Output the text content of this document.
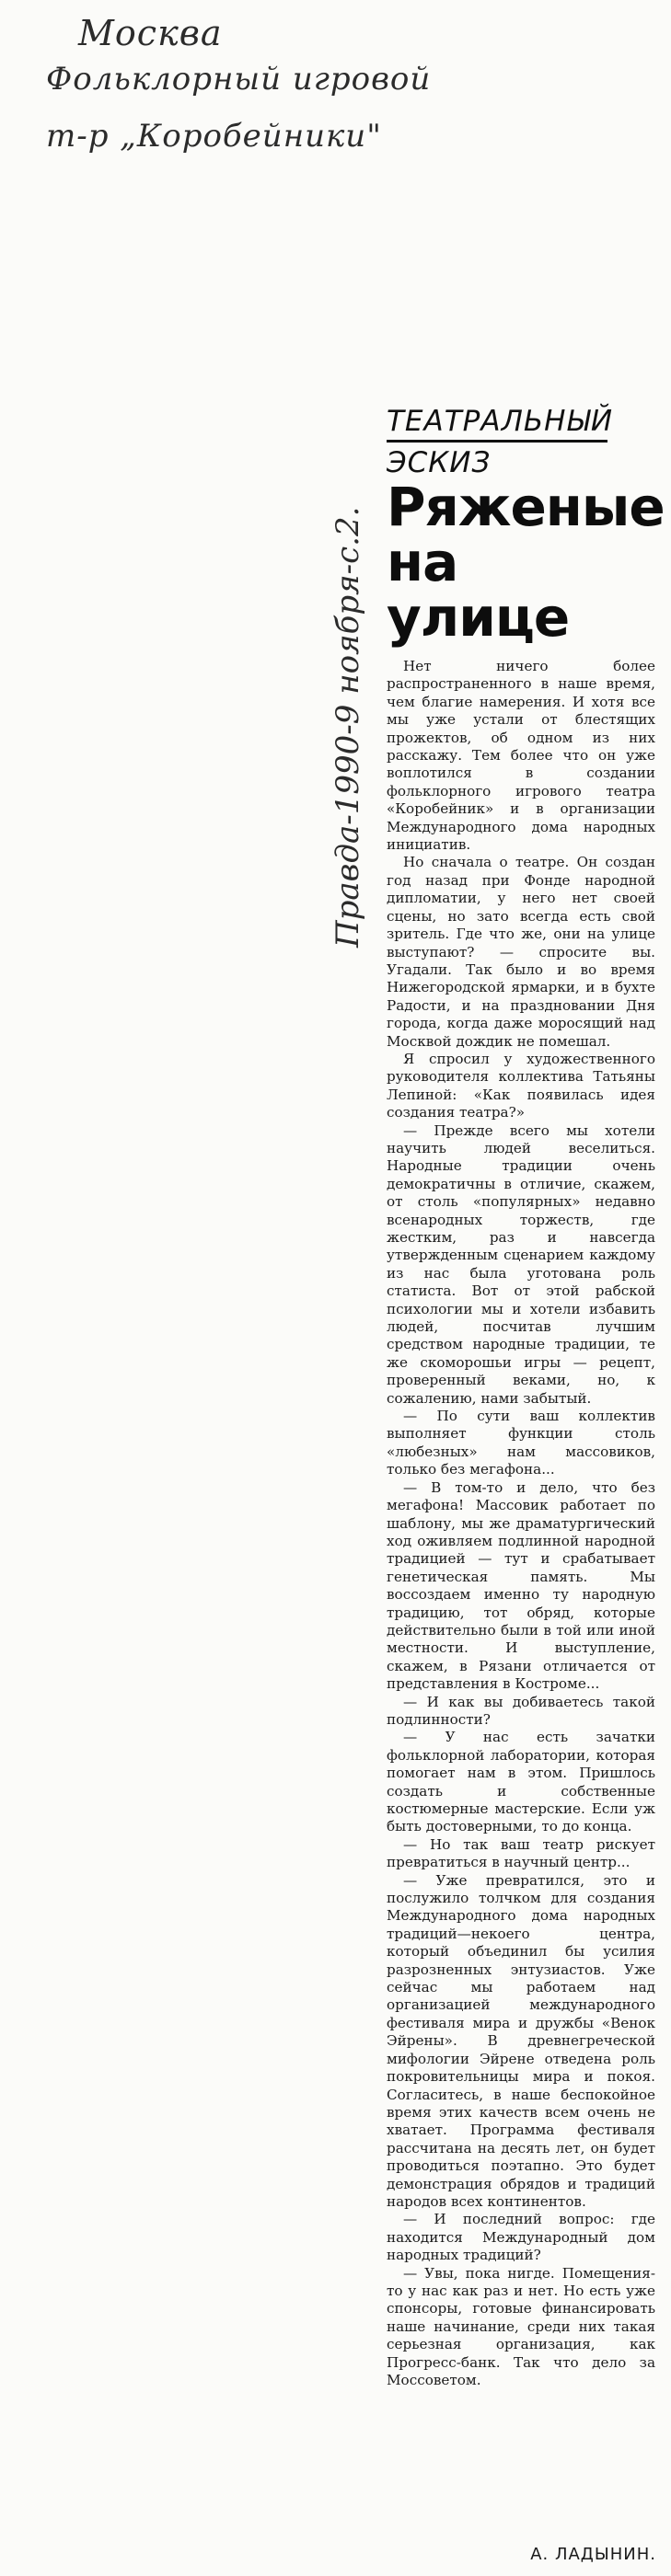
Москва
Фольклорный игровой
т-р „Коробейники"
Правда-1990-9 ноября-с.2.
ТЕАТРАЛЬНЫЙ
ЭСКИЗ
Ряженые
на улице

Нет ничего более распространенного в наше время, чем благие намерения. И хотя все мы уже устали от блестящих прожектов, об одном из них расскажу. Тем более что он уже воплотился в создании фольклорного игрового театра «Коробейник» и в организации Международного дома народных инициатив.

Но сначала о театре. Он создан год назад при Фонде народной дипломатии, у него нет своей сцены, но зато всегда есть свой зритель. Где что же, они на улице выступают? — спросите вы. Угадали. Так было и во время Нижегородской ярмарки, и в бухте Радости, и на праздновании Дня города, когда даже моросящий над Москвой дождик не помешал.

Я спросил у художественного руководителя коллектива Татьяны Лепиной: «Как появилась идея создания театра?»

— Прежде всего мы хотели научить людей веселиться. Народные традиции очень демократичны в отличие, скажем, от столь «популярных» недавно всенародных торжеств, где жестким, раз и навсегда утвержденным сценарием каждому из нас была уготована роль статиста. Вот от этой рабской психологии мы и хотели избавить людей, посчитав лучшим средством народные традиции, те же скоморошьи игры — рецепт, проверенный веками, но, к сожалению, нами забытый.

— По сути ваш коллектив выполняет функции столь «любезных» нам массовиков, только без мегафона...

— В том-то и дело, что без мегафона! Массовик работает по шаблону, мы же драматургический ход оживляем подлинной народной традицией — тут и срабатывает генетическая память. Мы воссоздаем именно ту народную традицию, тот обряд, которые действительно были в той или иной местности. И выступление, скажем, в Рязани отличается от представления в Костроме...

— И как вы добиваетесь такой подлинности?

— У нас есть зачатки фольклорной лаборатории, которая помогает нам в этом. Пришлось создать и собственные костюмерные мастерские. Если уж быть достоверными, то до конца.

— Но так ваш театр рискует превратиться в научный центр...

— Уже превратился, это и послужило толчком для создания Международного дома народных традиций—некоего центра, который объединил бы усилия разрозненных энтузиастов. Уже сейчас мы работаем над организацией международного фестиваля мира и дружбы «Венок Эйрены». В древнегреческой мифологии Эйрене отведена роль покровительницы мира и покоя. Согласитесь, в наше беспокойное время этих качеств всем очень не хватает. Программа фестиваля рассчитана на десять лет, он будет проводиться поэтапно. Это будет демонстрация обрядов и традиций народов всех континентов.

— И последний вопрос: где находится Международный дом народных традиций?

— Увы, пока нигде. Помещения-то у нас как раз и нет. Но есть уже спонсоры, готовые финансировать наше начинание, среди них такая серьезная организация, как Прогресс-банк. Так что дело за Моссоветом.

А. ЛАДЫНИН.
